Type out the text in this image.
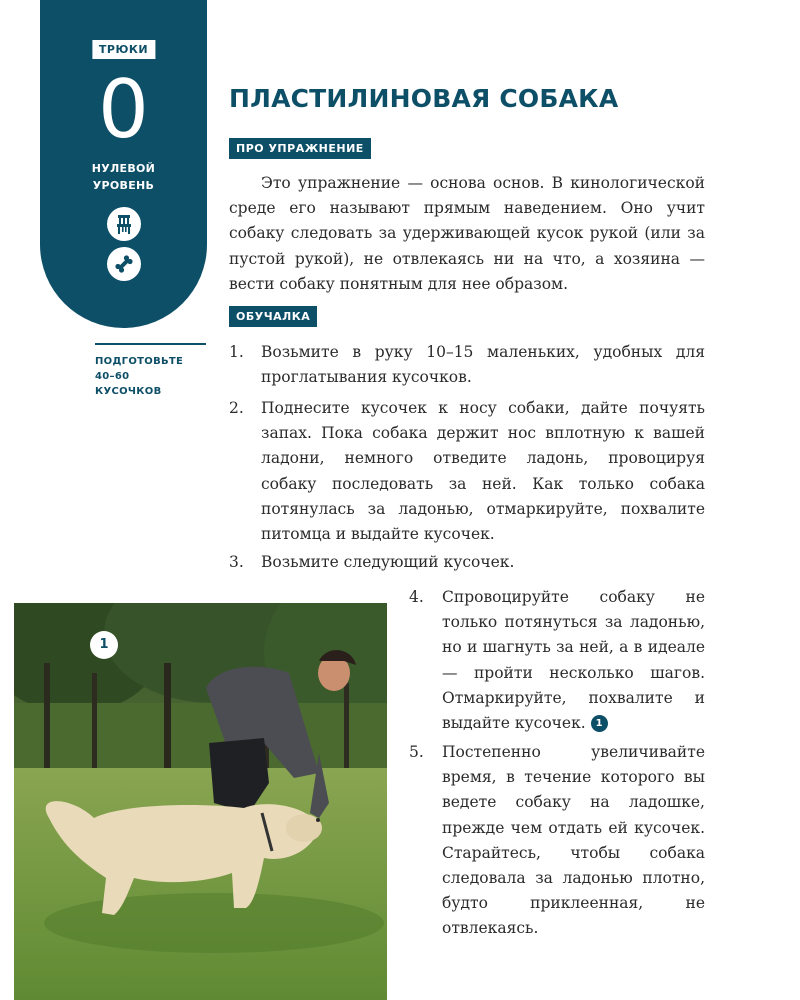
ТРЮКИ
0
НУЛЕВОЙ
УРОВЕНЬ
ПОДГОТОВЬТЕ
40–60
КУСОЧКОВ
ПЛАСТИЛИНОВАЯ СОБАКА
ПРО УПРАЖНЕНИЕ

Это упражнение — основа основ. В кинологической среде его называют прямым наведением. Оно учит собаку следовать за удерживающей кусок рукой (или за пустой рукой), не отвлекаясь ни на что, а хозяина — вести собаку понятным для нее образом.

ОБУЧАЛКА
1. Возьмите в руку 10–15 маленьких, удобных для проглатывания кусочков.
2. Поднесите кусочек к носу собаки, дайте почуять запах. Пока собака держит нос вплотную к вашей ладони, немного отведите ладонь, провоцируя собаку последовать за ней. Как только собака потянулась за ладонью, отмаркируйте, похвалите питомца и выдайте кусочек.
3. Возьмите следующий кусочек.
4. Спровоцируйте собаку не только потянуться за ладонью, но и шагнуть за ней, а в идеале — пройти несколько шагов. Отмаркируйте, похвалите и выдайте кусочек. 1
5. Постепенно увеличивайте время, в течение которого вы ведете собаку на ладошке, прежде чем отдать ей кусочек. Старайтесь, чтобы собака следовала за ладонью плотно, будто приклеенная, не отвлекаясь.
1
